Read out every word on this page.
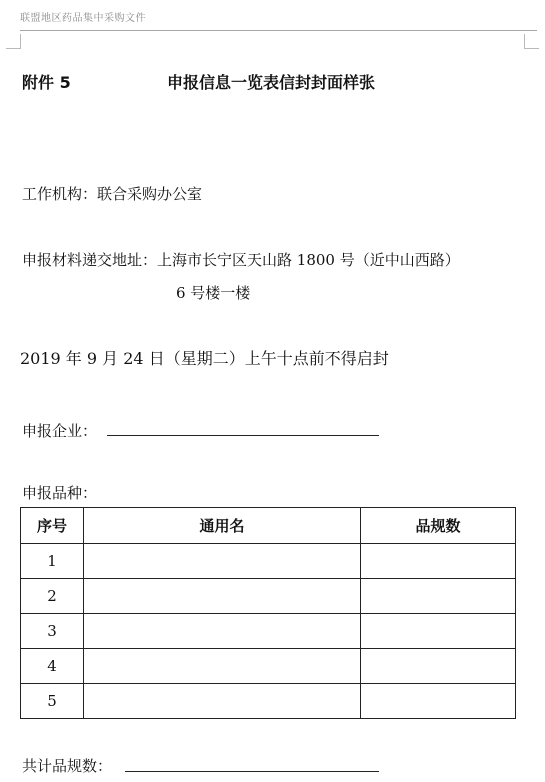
联盟地区药品集中采购文件
附件 5	申报信息一览表信封封面样张
工作机构：联合采购办公室
申报材料递交地址：上海市长宁区天山路 1800 号（近中山西路）
6 号楼一楼
2019 年 9 月 24 日（星期二）上午十点前不得启封
申报企业：
申报品种：
序号	通用名	品规数
1		
2		
3		
4		
5		
共计品规数：
